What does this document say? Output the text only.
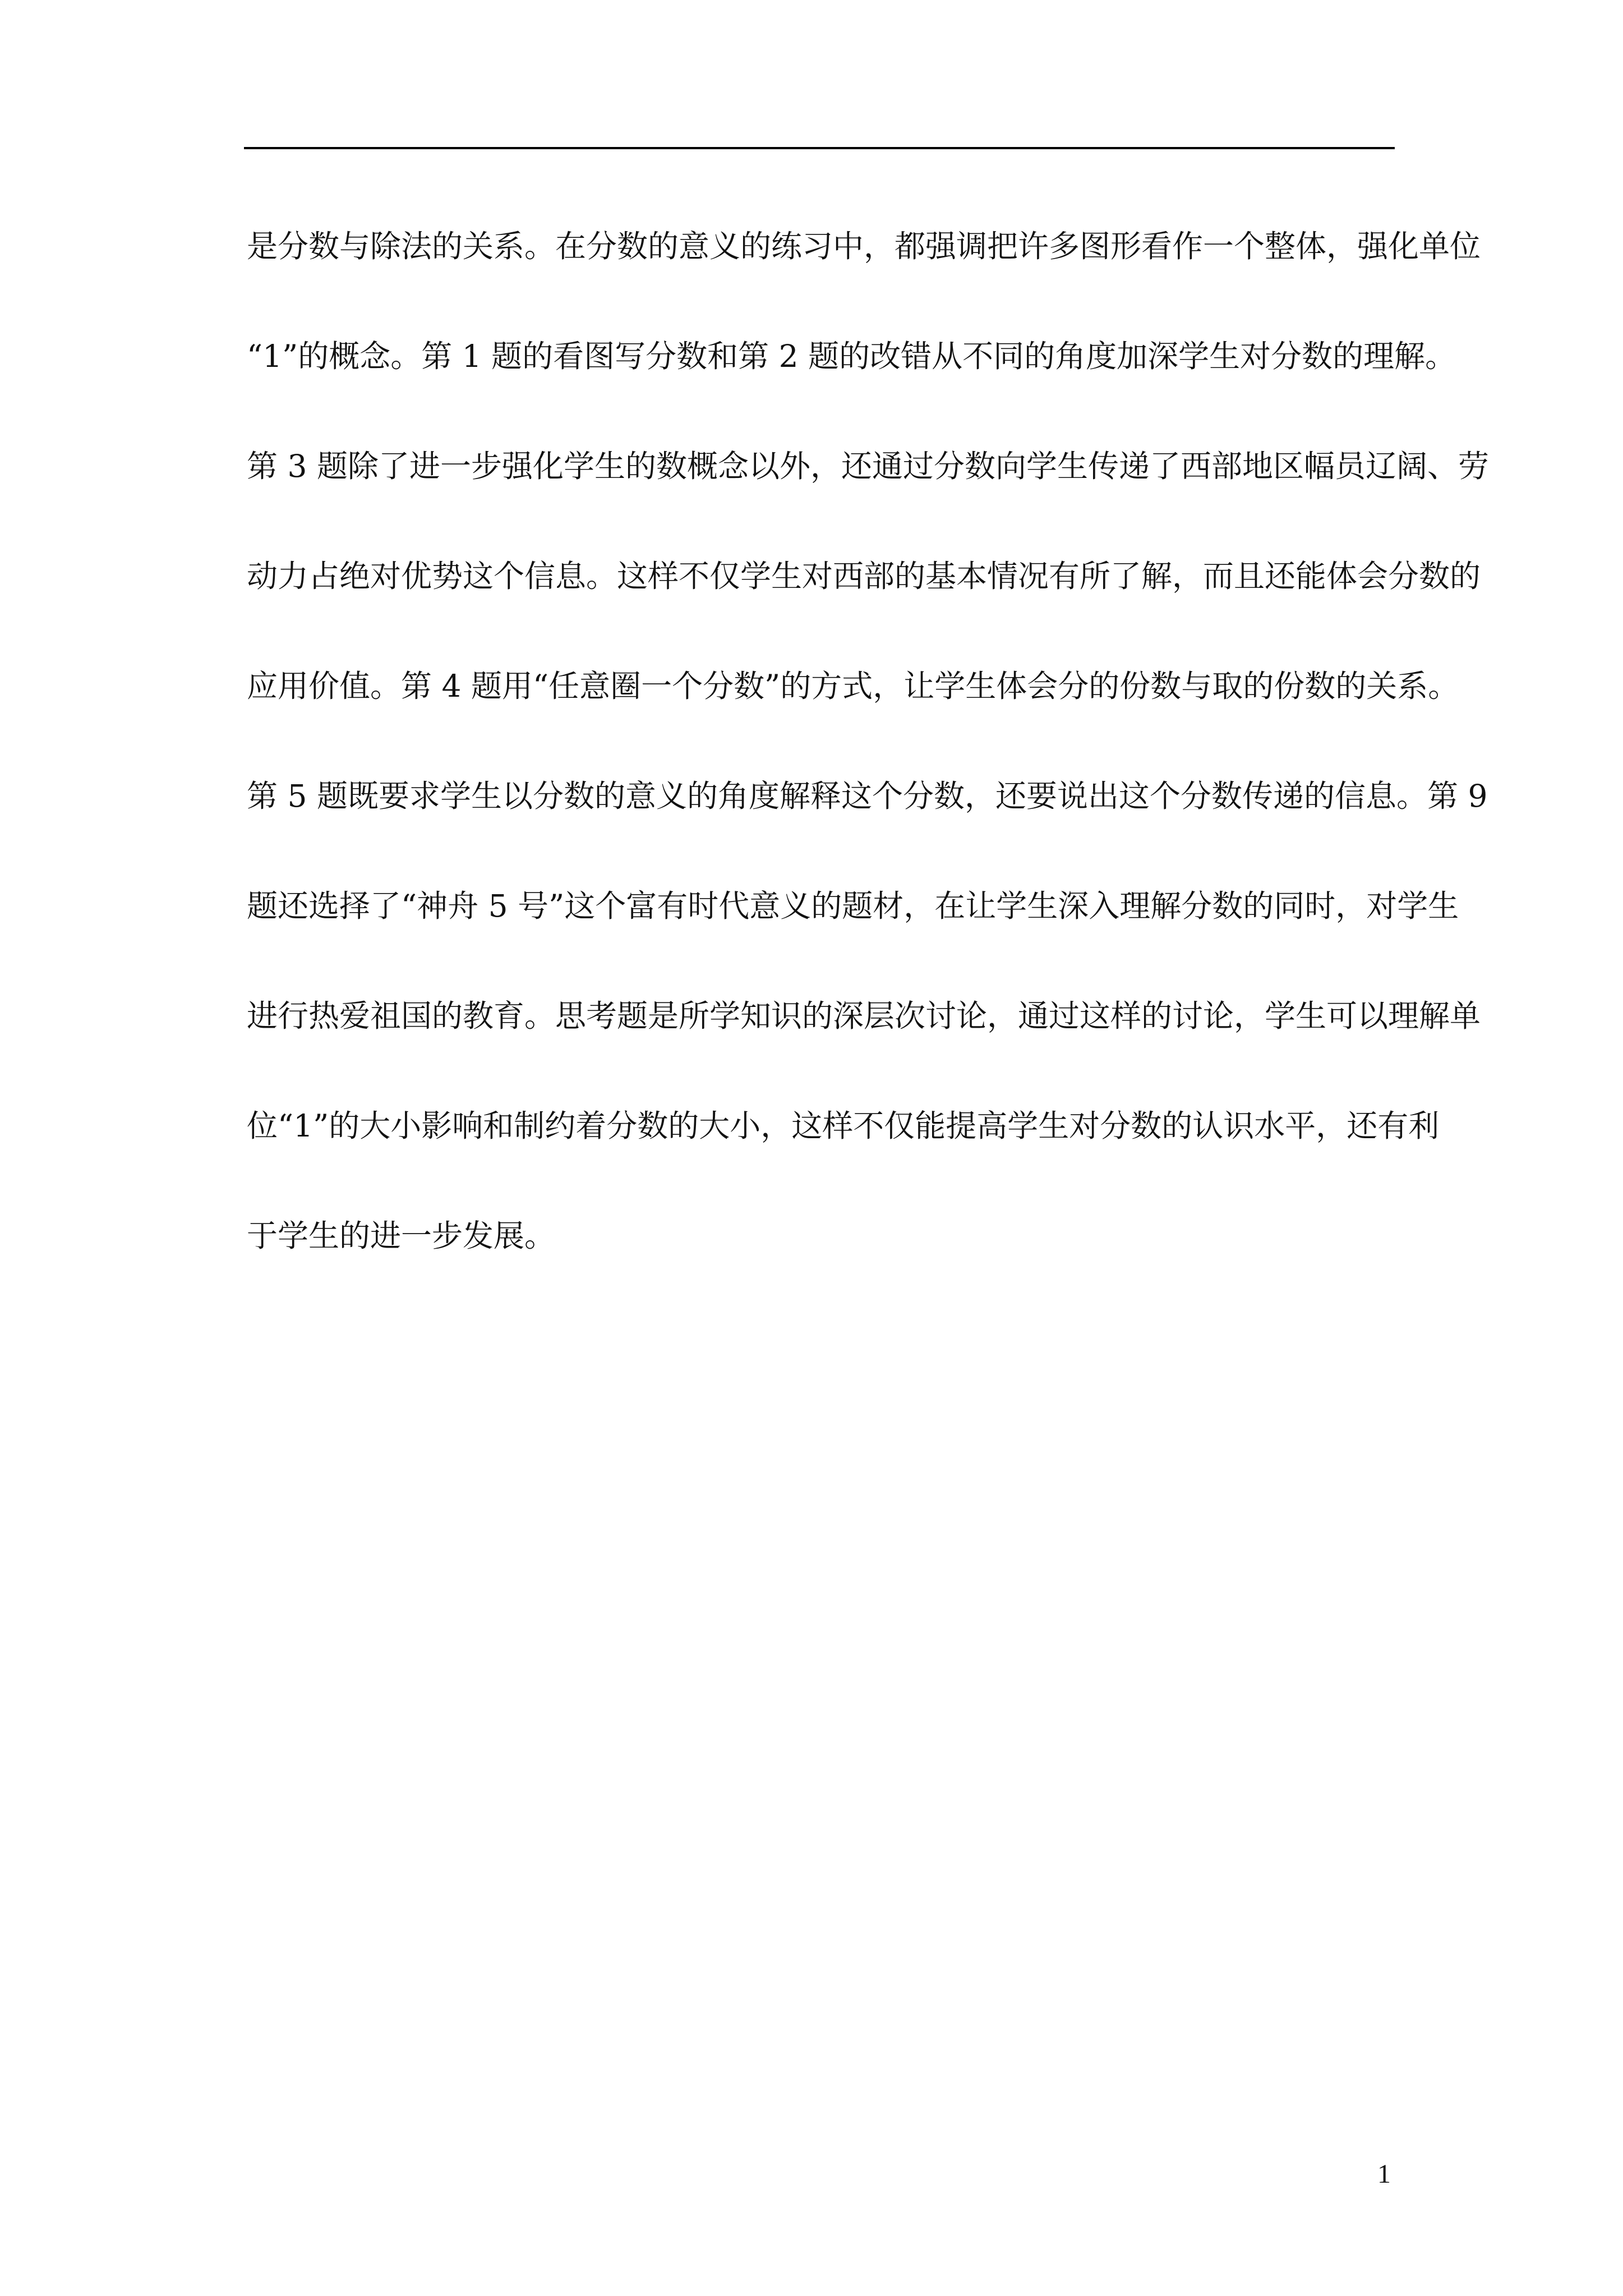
是分数与除法的关系。在分数的意义的练习中，都强调把许多图形看作一个整体，强化单位
“1”的概念。第 1 题的看图写分数和第 2 题的改错从不同的角度加深学生对分数的理解。
第 3 题除了进一步强化学生的数概念以外，还通过分数向学生传递了西部地区幅员辽阔、劳
动力占绝对优势这个信息。这样不仅学生对西部的基本情况有所了解，而且还能体会分数的
应用价值。第 4 题用“任意圈一个分数”的方式，让学生体会分的份数与取的份数的关系。
第 5 题既要求学生以分数的意义的角度解释这个分数，还要说出这个分数传递的信息。第 9
题还选择了“神舟 5 号”这个富有时代意义的题材，在让学生深入理解分数的同时，对学生
进行热爱祖国的教育。思考题是所学知识的深层次讨论，通过这样的讨论，学生可以理解单
位“1”的大小影响和制约着分数的大小，这样不仅能提高学生对分数的认识水平，还有利
于学生的进一步发展。
1
